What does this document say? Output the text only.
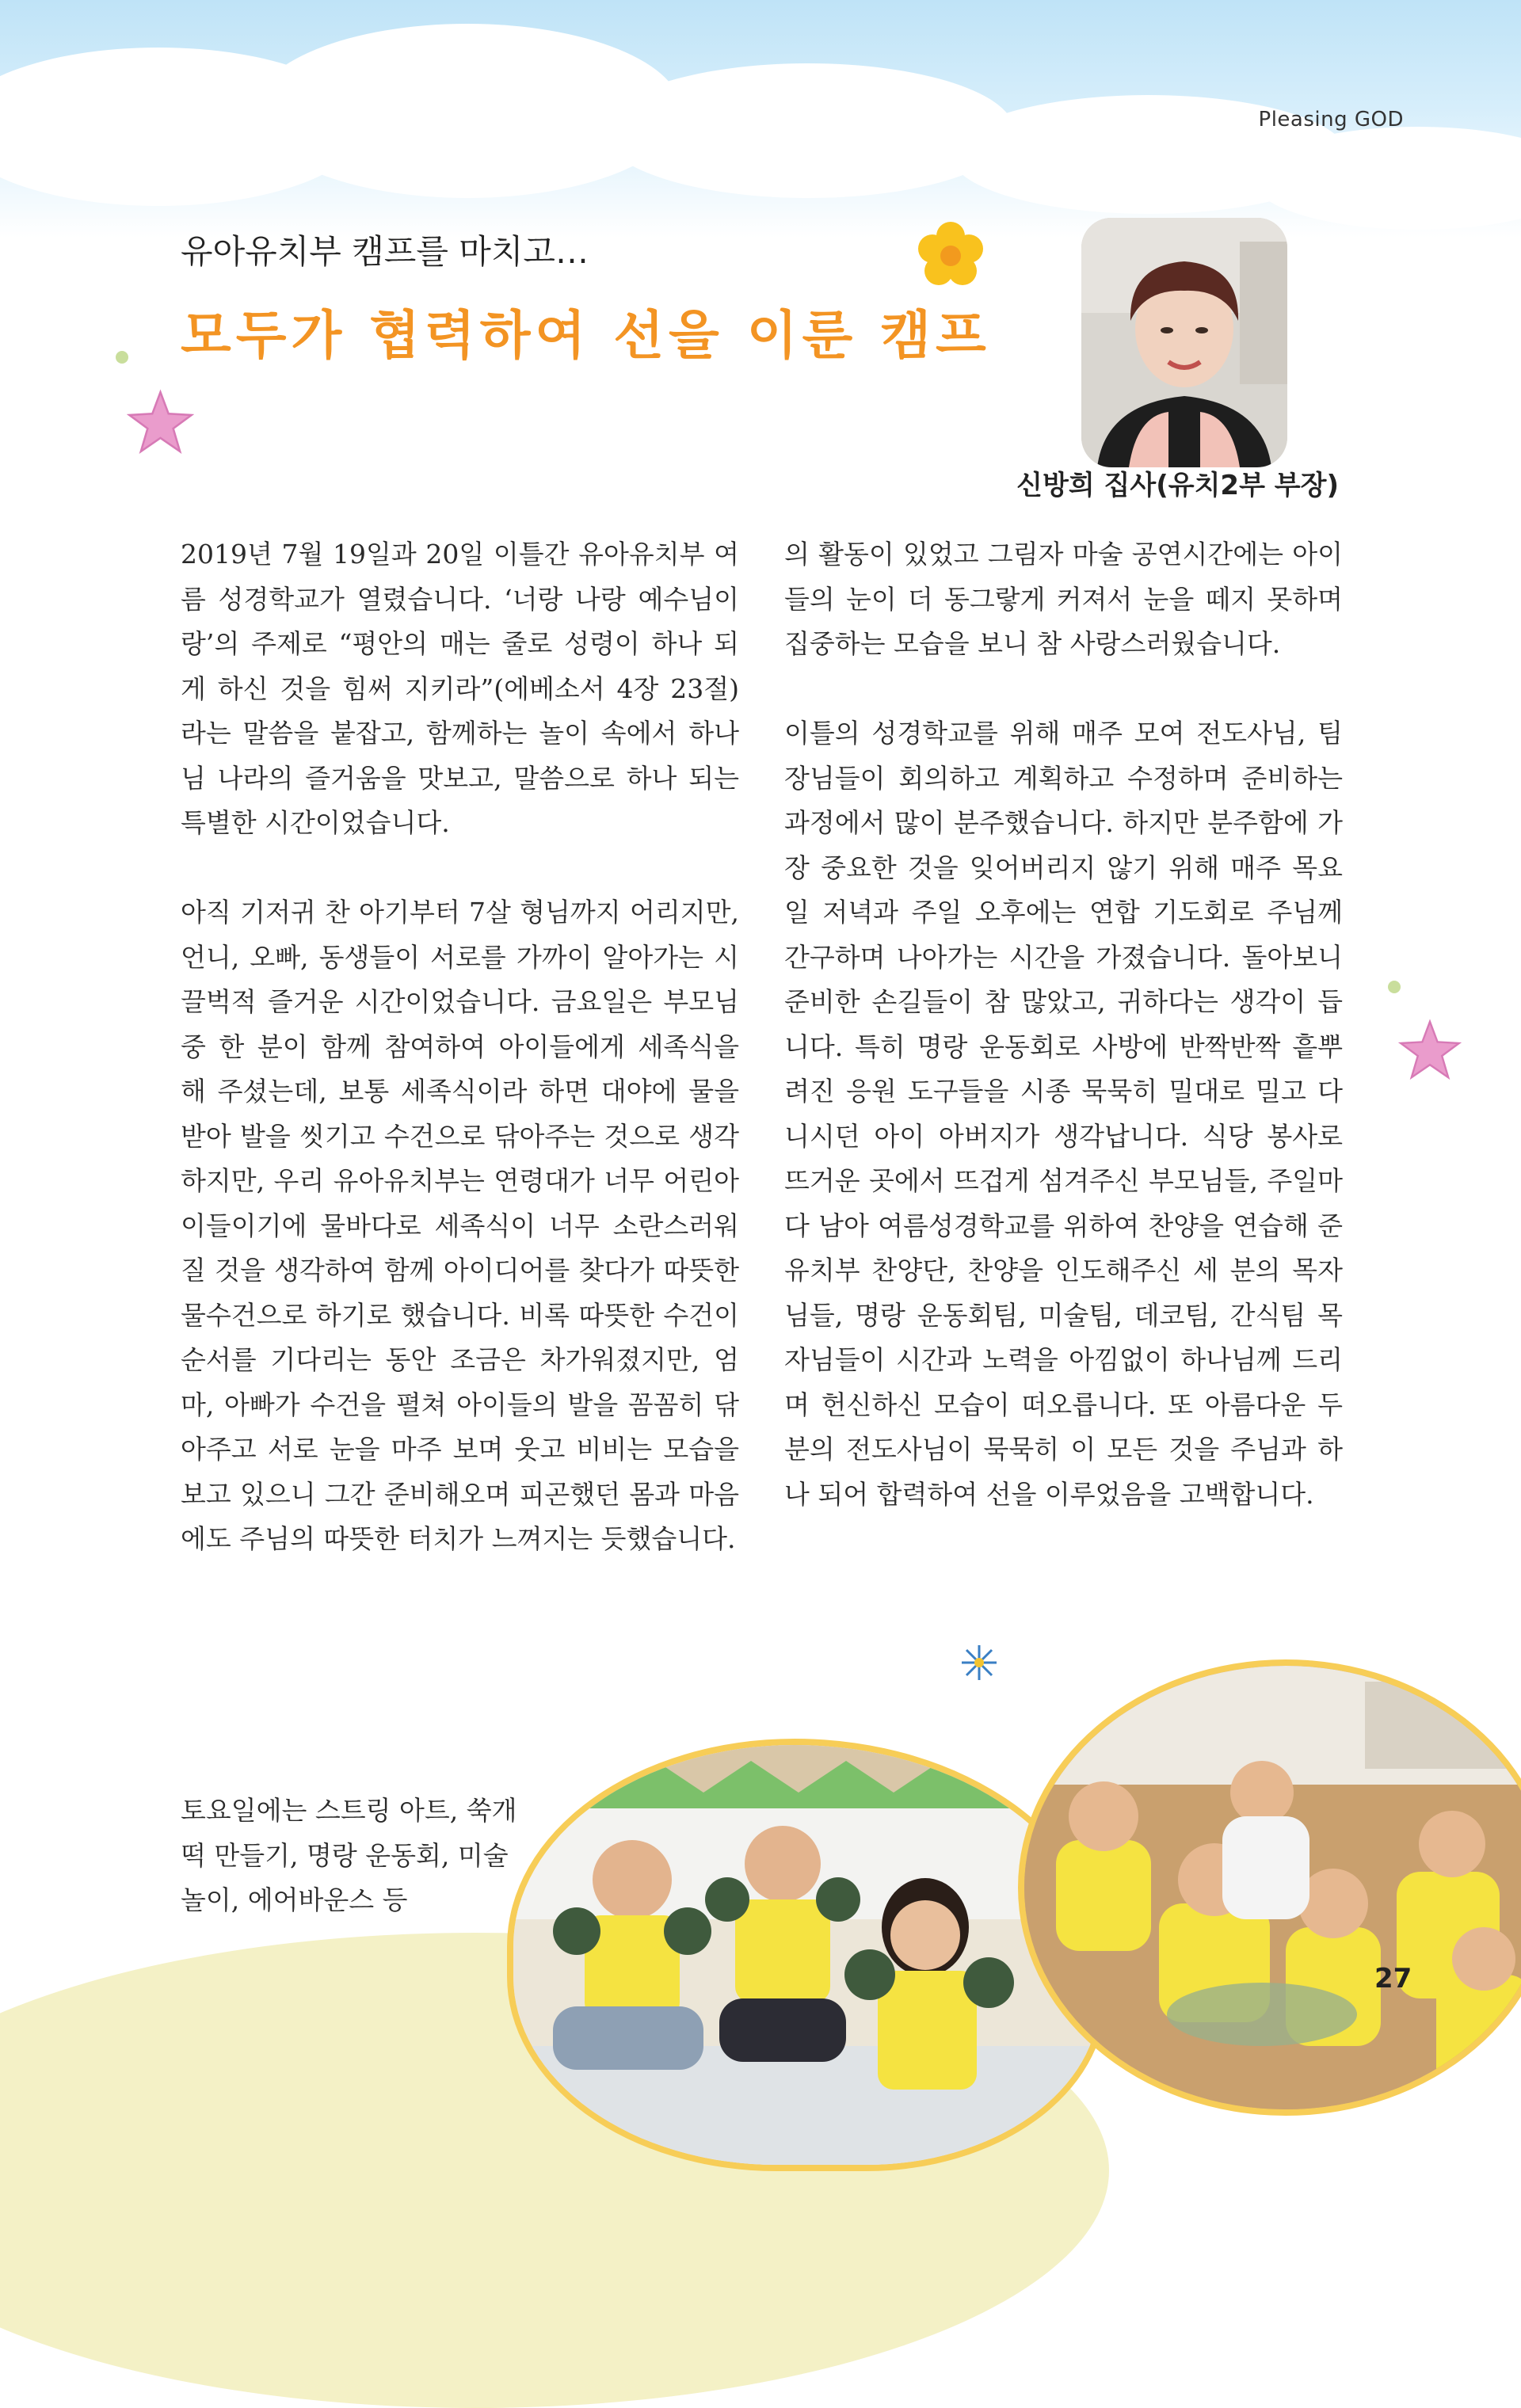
Pleasing GOD
유아유치부 캠프를 마치고…
모두가 협력하여 선을 이룬 캠프
신방희 집사(유치2부 부장)

2019년 7월 19일과 20일 이틀간 유아유치부 여름 성경학교가 열렸습니다. ‘너랑 나랑 예수님이랑’의 주제로 “평안의 매는 줄로 성령이 하나 되게 하신 것을 힘써 지키라”(에베소서 4장 23절)라는 말씀을 붙잡고, 함께하는 놀이 속에서 하나님 나라의 즐거움을 맛보고, 말씀으로 하나 되는 특별한 시간이었습니다.

아직 기저귀 찬 아기부터 7살 형님까지 어리지만, 언니, 오빠, 동생들이 서로를 가까이 알아가는 시끌벅적 즐거운 시간이었습니다. 금요일은 부모님 중 한 분이 함께 참여하여 아이들에게 세족식을 해 주셨는데, 보통 세족식이라 하면 대야에 물을 받아 발을 씻기고 수건으로 닦아주는 것으로 생각하지만, 우리 유아유치부는 연령대가 너무 어린아이들이기에 물바다로 세족식이 너무 소란스러워질 것을 생각하여 함께 아이디어를 찾다가 따뜻한 물수건으로 하기로 했습니다. 비록 따뜻한 수건이 순서를 기다리는 동안 조금은 차가워졌지만, 엄마, 아빠가 수건을 펼쳐 아이들의 발을 꼼꼼히 닦아주고 서로 눈을 마주 보며 웃고 비비는 모습을 보고 있으니 그간 준비해오며 피곤했던 몸과 마음에도 주님의 따뜻한 터치가 느껴지는 듯했습니다.

토요일에는 스트링 아트, 쑥개떡 만들기, 명랑 운동회, 미술놀이, 에어바운스 등

의 활동이 있었고 그림자 마술 공연시간에는 아이들의 눈이 더 동그랗게 커져서 눈을 떼지 못하며 집중하는 모습을 보니 참 사랑스러웠습니다.

이틀의 성경학교를 위해 매주 모여 전도사님, 팀장님들이 회의하고 계획하고 수정하며 준비하는 과정에서 많이 분주했습니다. 하지만 분주함에 가장 중요한 것을 잊어버리지 않기 위해 매주 목요일 저녁과 주일 오후에는 연합 기도회로 주님께 간구하며 나아가는 시간을 가졌습니다. 돌아보니 준비한 손길들이 참 많았고, 귀하다는 생각이 듭니다. 특히 명랑 운동회로 사방에 반짝반짝 흩뿌려진 응원 도구들을 시종 묵묵히 밀대로 밀고 다니시던 아이 아버지가 생각납니다. 식당 봉사로 뜨거운 곳에서 뜨겁게 섬겨주신 부모님들, 주일마다 남아 여름성경학교를 위하여 찬양을 연습해 준 유치부 찬양단, 찬양을 인도해주신 세 분의 목자님들, 명랑 운동회팀, 미술팀, 데코팀, 간식팀 목자님들이 시간과 노력을 아낌없이 하나님께 드리며 헌신하신 모습이 떠오릅니다. 또 아름다운 두 분의 전도사님이 묵묵히 이 모든 것을 주님과 하나 되어 합력하여 선을 이루었음을 고백합니다.

27
